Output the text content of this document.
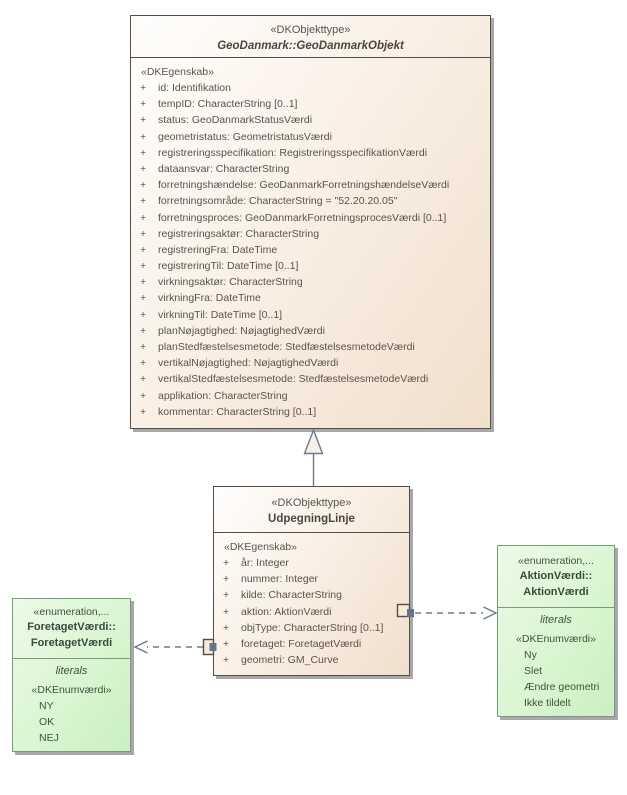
«DKObjekttype»
GeoDanmark::GeoDanmarkObjekt
«DKEgenskab»
+ id: Identifikation
+ tempID: CharacterString [0..1]
+ status: GeoDanmarkStatusVærdi
+ geometristatus: GeometristatusVærdi
+ registreringsspecifikation: RegistreringsspecifikationVærdi
+ dataansvar: CharacterString
+ forretningshændelse: GeoDanmarkForretningshændelseVærdi
+ forretningsområde: CharacterString = "52.20.20.05"
+ forretningsproces: GeoDanmarkForretningsprocesVærdi [0..1]
+ registreringsaktør: CharacterString
+ registreringFra: DateTime
+ registreringTil: DateTime [0..1]
+ virkningsaktør: CharacterString
+ virkningFra: DateTime
+ virkningTil: DateTime [0..1]
+ planNøjagtighed: NøjagtighedVærdi
+ planStedfæstelsesmetode: StedfæstelsesmetodeVærdi
+ vertikalNøjagtighed: NøjagtighedVærdi
+ vertikalStedfæstelsesmetode: StedfæstelsesmetodeVærdi
+ applikation: CharacterString
+ kommentar: CharacterString [0..1]
«DKObjekttype»
UdpegningLinje
«DKEgenskab»
+ år: Integer
+ nummer: Integer
+ kilde: CharacterString
+ aktion: AktionVærdi
+ objType: CharacterString [0..1]
+ foretaget: ForetagetVærdi
+ geometri: GM_Curve
«enumeration,...
ForetagetVærdi::
ForetagetVærdi
literals
«DKEnumværdi»
NY
OK
NEJ
«enumeration,...
AktionVærdi::
AktionVærdi
literals
«DKEnumværdi»
Ny
Slet
Ændre geometri
Ikke tildelt
